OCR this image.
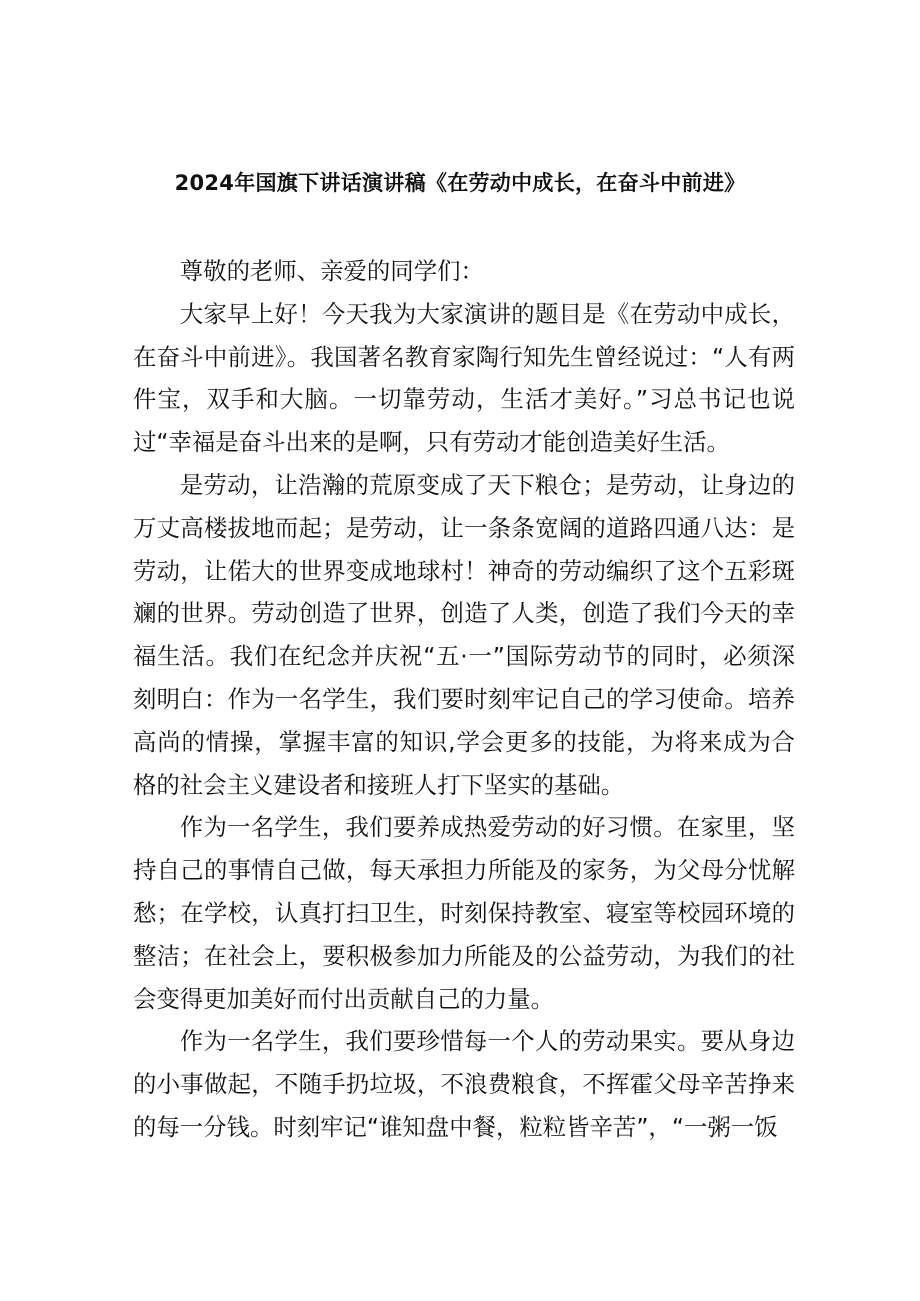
2024年国旗下讲话演讲稿《在劳动中成长，在奋斗中前进》

尊敬的老师、亲爱的同学们：

大家早上好！今天我为大家演讲的题目是《在劳动中成长，在奋斗中前进》。我国著名教育家陶行知先生曾经说过：“人有两件宝，双手和大脑。一切靠劳动，生活才美好。”习总书记也说过“幸福是奋斗出来的是啊，只有劳动才能创造美好生活。

是劳动，让浩瀚的荒原变成了天下粮仓；是劳动，让身边的万丈高楼拔地而起；是劳动，让一条条宽阔的道路四通八达：是劳动，让偌大的世界变成地球村！神奇的劳动编织了这个五彩斑斓的世界。劳动创造了世界，创造了人类，创造了我们今天的幸福生活。我们在纪念并庆祝“五·一”国际劳动节的同时，必须深刻明白：作为一名学生，我们要时刻牢记自己的学习使命。培养高尚的情操，掌握丰富的知识,学会更多的技能，为将来成为合格的社会主义建设者和接班人打下坚实的基础。

作为一名学生，我们要养成热爱劳动的好习惯。在家里，坚持自己的事情自己做，每天承担力所能及的家务，为父母分忧解愁；在学校，认真打扫卫生，时刻保持教室、寝室等校园环境的整洁；在社会上，要积极参加力所能及的公益劳动，为我们的社会变得更加美好而付出贡献自己的力量。

作为一名学生，我们要珍惜每一个人的劳动果实。要从身边的小事做起，不随手扔垃圾，不浪费粮食，不挥霍父母辛苦挣来的每一分钱。时刻牢记“谁知盘中餐，粒粒皆辛苦”，“一粥一饭
